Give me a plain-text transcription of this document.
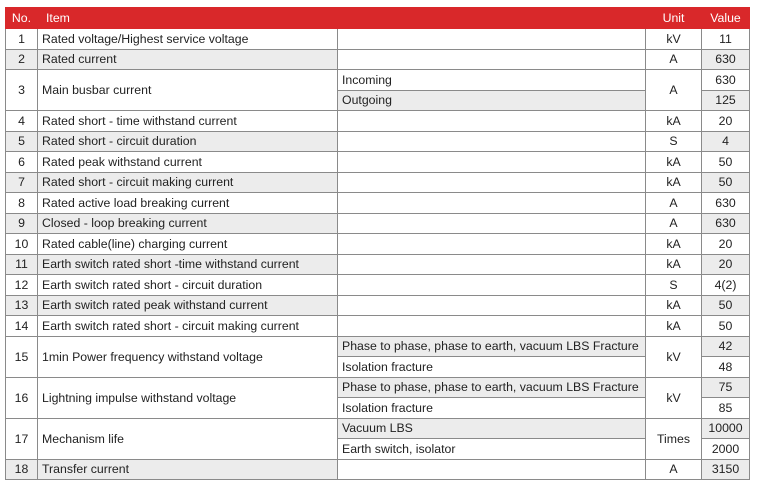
No.	Item		Unit	Value
1	Rated voltage/Highest service voltage		kV	11
2	Rated current		A	630
3	Main busbar current	Incoming	A	630
		Outgoing		125
4	Rated short - time withstand current		kA	20
5	Rated short - circuit duration		S	4
6	Rated peak withstand current		kA	50
7	Rated short - circuit making current		kA	50
8	Rated active load breaking current		A	630
9	Closed - loop breaking current		A	630
10	Rated cable(line) charging current		kA	20
11	Earth switch rated short -time withstand current		kA	20
12	Earth switch rated short - circuit duration		S	4(2)
13	Earth switch rated peak withstand current		kA	50
14	Earth switch rated short - circuit making current		kA	50
15	1min Power frequency withstand voltage	Phase to phase, phase to earth, vacuum LBS Fracture	kV	42
		Isolation fracture		48
16	Lightning impulse withstand voltage	Phase to phase, phase to earth, vacuum LBS Fracture	kV	75
		Isolation fracture		85
17	Mechanism life	Vacuum LBS	Times	10000
		Earth switch, isolator		2000
18	Transfer current		A	3150
